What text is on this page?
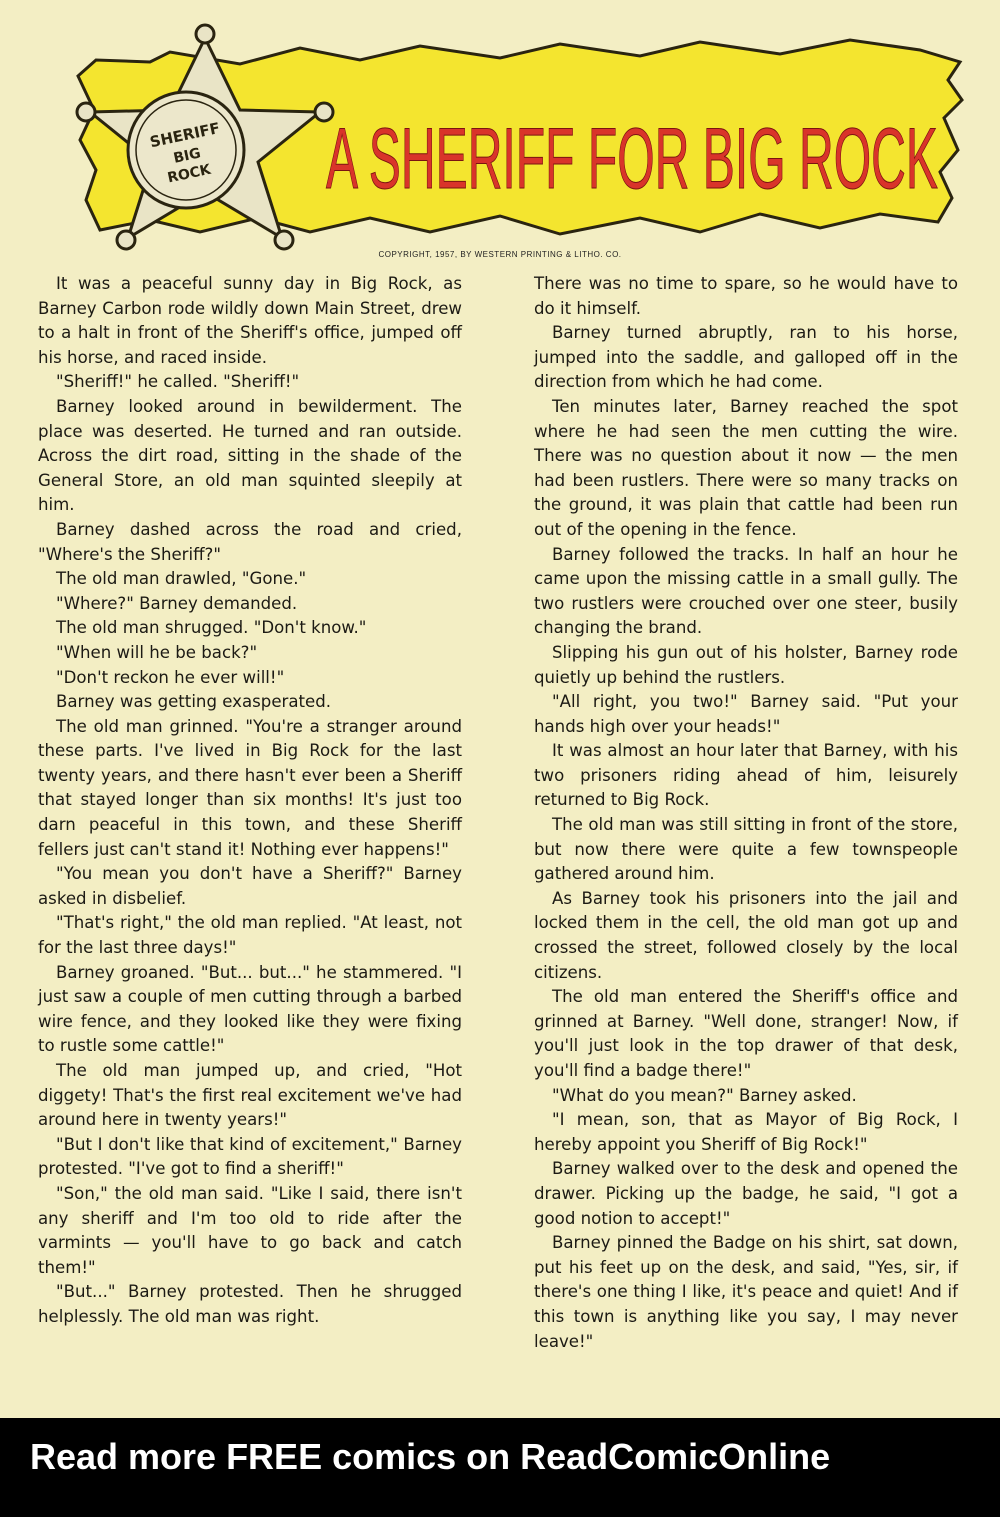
SHERIFF
BIG
ROCK A SHERIFF FOR BIG ROCK
COPYRIGHT, 1957, BY WESTERN PRINTING & LITHO. CO.

It was a peaceful sunny day in Big Rock, as Barney Carbon rode wildly down Main Street, drew to a halt in front of the Sheriff's office, jumped off his horse, and raced inside.

"Sheriff!" he called. "Sheriff!"

Barney looked around in bewilderment. The place was deserted. He turned and ran outside. Across the dirt road, sitting in the shade of the General Store, an old man squinted sleepily at him.

Barney dashed across the road and cried, "Where's the Sheriff?"

The old man drawled, "Gone."

"Where?" Barney demanded.

The old man shrugged. "Don't know."

"When will he be back?"

"Don't reckon he ever will!"

Barney was getting exasperated.

The old man grinned. "You're a stranger around these parts. I've lived in Big Rock for the last twenty years, and there hasn't ever been a Sheriff that stayed longer than six months! It's just too darn peaceful in this town, and these Sheriff fellers just can't stand it! Nothing ever happens!"

"You mean you don't have a Sheriff?" Barney asked in disbelief.

"That's right," the old man replied. "At least, not for the last three days!"

Barney groaned. "But... but..." he stammered. "I just saw a couple of men cutting through a barbed wire fence, and they looked like they were fixing to rustle some cattle!"

The old man jumped up, and cried, "Hot diggety! That's the first real excitement we've had around here in twenty years!"

"But I don't like that kind of excitement," Barney protested. "I've got to find a sheriff!"

"Son," the old man said. "Like I said, there isn't any sheriff and I'm too old to ride after the varmints — you'll have to go back and catch them!"

"But..." Barney protested. Then he shrugged helplessly. The old man was right.

There was no time to spare, so he would have to do it himself.

Barney turned abruptly, ran to his horse, jumped into the saddle, and galloped off in the direction from which he had come.

Ten minutes later, Barney reached the spot where he had seen the men cutting the wire. There was no question about it now — the men had been rustlers. There were so many tracks on the ground, it was plain that cattle had been run out of the opening in the fence.

Barney followed the tracks. In half an hour he came upon the missing cattle in a small gully. The two rustlers were crouched over one steer, busily changing the brand.

Slipping his gun out of his holster, Barney rode quietly up behind the rustlers.

"All right, you two!" Barney said. "Put your hands high over your heads!"

It was almost an hour later that Barney, with his two prisoners riding ahead of him, leisurely returned to Big Rock.

The old man was still sitting in front of the store, but now there were quite a few townspeople gathered around him.

As Barney took his prisoners into the jail and locked them in the cell, the old man got up and crossed the street, followed closely by the local citizens.

The old man entered the Sheriff's office and grinned at Barney. "Well done, stranger! Now, if you'll just look in the top drawer of that desk, you'll find a badge there!"

"What do you mean?" Barney asked.

"I mean, son, that as Mayor of Big Rock, I hereby appoint you Sheriff of Big Rock!"

Barney walked over to the desk and opened the drawer. Picking up the badge, he said, "I got a good notion to accept!"

Barney pinned the Badge on his shirt, sat down, put his feet up on the desk, and said, "Yes, sir, if there's one thing I like, it's peace and quiet! And if this town is anything like you say, I may never leave!"

Read more FREE comics on ReadComicOnline
